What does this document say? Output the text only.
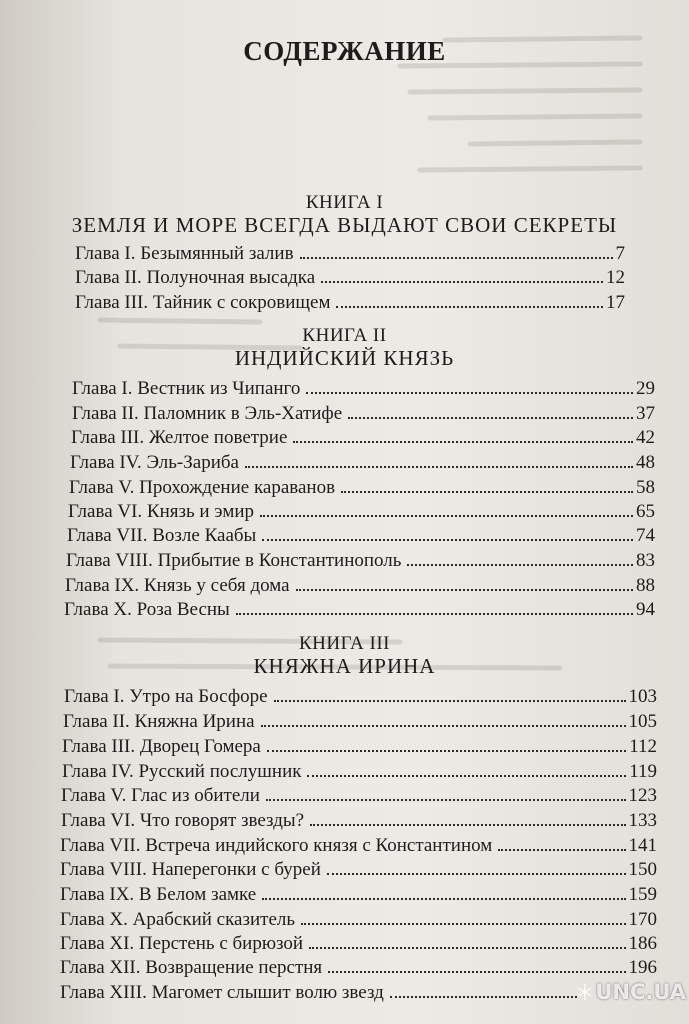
СОДЕРЖАНИЕ
КНИГА I
ЗЕМЛЯ И МОРЕ ВСЕГДА ВЫДАЮТ СВОИ СЕКРЕТЫ
Глава I. Безымянный залив	7
Глава II. Полуночная высадка	12
Глава III. Тайник с сокровищем	17
КНИГА II
ИНДИЙСКИЙ КНЯЗЬ
Глава I. Вестник из Чипанго	29
Глава II. Паломник в Эль-Хатифе	37
Глава III. Желтое поветрие	42
Глава IV. Эль-Зариба	48
Глава V. Прохождение караванов	58
Глава VI. Князь и эмир	65
Глава VII. Возле Каабы	74
Глава VIII. Прибытие в Константинополь	83
Глава IX. Князь у себя дома	88
Глава X. Роза Весны	94
КНИГА III
КНЯЖНА ИРИНА
Глава I. Утро на Босфоре	103
Глава II. Княжна Ирина	105
Глава III. Дворец Гомера	112
Глава IV. Русский послушник	119
Глава V. Глас из обители	123
Глава VI. Что говорят звезды?	133
Глава VII. Встреча индийского князя с Константином	141
Глава VIII. Наперегонки с бурей	150
Глава IX. В Белом замке	159
Глава X. Арабский сказитель	170
Глава XI. Перстень с бирюзой	186
Глава XII. Возвращение перстня	196
Глава XIII. Магомет слышит волю звезд	UNC.UA
